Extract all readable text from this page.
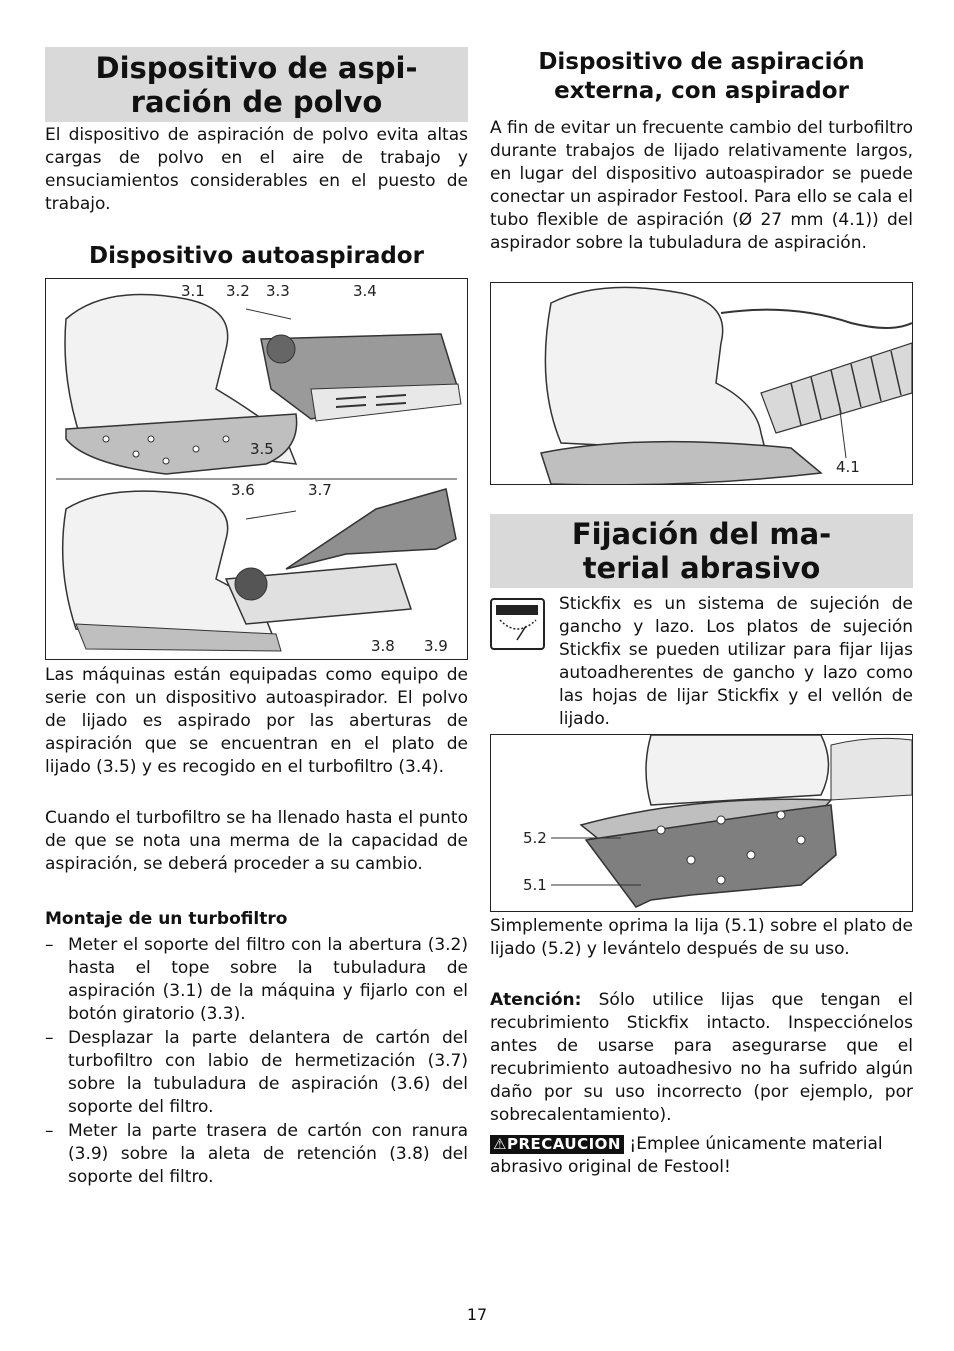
Dispositivo de aspi-
ración de polvo

El dispositivo de aspiración de polvo evita altas cargas de polvo en el aire de trabajo y ensuciamientos considerables en el puesto de trabajo.

Dispositivo autoaspirador
3.1 3.2 3.3	3.4
3.5
3.6	3.7
3.8 3.9

Las máquinas están equipadas como equipo de serie con un dispositivo autoaspirador. El polvo de lijado es aspirado por las aberturas de aspiración que se encuentran en el plato de lijado (3.5) y es recogido en el turbofiltro (3.4).

Cuando el turbofiltro se ha llenado hasta el punto de que se nota una merma de la capacidad de aspiración, se deberá proceder a su cambio.

Montaje de un turbofiltro

– Meter el soporte del filtro con la abertura (3.2) hasta el tope sobre la tubuladura de aspiración (3.1) de la máquina y fijarlo con el botón giratorio (3.3).
– Desplazar la parte delantera de cartón del turbofiltro con labio de hermetización (3.7) sobre la tubuladura de aspiración (3.6) del soporte del filtro.
– Meter la parte trasera de cartón con ranura (3.9) sobre la aleta de retención (3.8) del soporte del filtro.
Dispositivo de aspiración
externa, con aspirador

A fin de evitar un frecuente cambio del turbofiltro durante trabajos de lijado relativamente largos, en lugar del dispositivo autoaspirador se puede conectar un aspirador Festool. Para ello se cala el tubo flexible de aspiración (Ø 27 mm (4.1)) del aspirador sobre la tubuladura de aspiración.

4.1
Fijación del ma-
terial abrasivo

Stickfix es un sistema de sujeción de gancho y lazo. Los platos de sujeción Stickfix se pueden utilizar para fijar lijas autoadherentes de gancho y lazo como las hojas de lijar Stickfix y el vellón de lijado.

5.2
5.1

Simplemente oprima la lija (5.1) sobre el plato de lijado (5.2) y levántelo después de su uso.

Atención: Sólo utilice lijas que tengan el recubrimiento Stickfix intacto. Inspecciónelos antes de usarse para asegurarse que el recubrimiento autoadhesivo no ha sufrido algún daño por su uso incorrecto (por ejemplo, por sobrecalentamiento).

⚠PRECAUCION ¡Emplee únicamente material abrasivo original de Festool!

17
